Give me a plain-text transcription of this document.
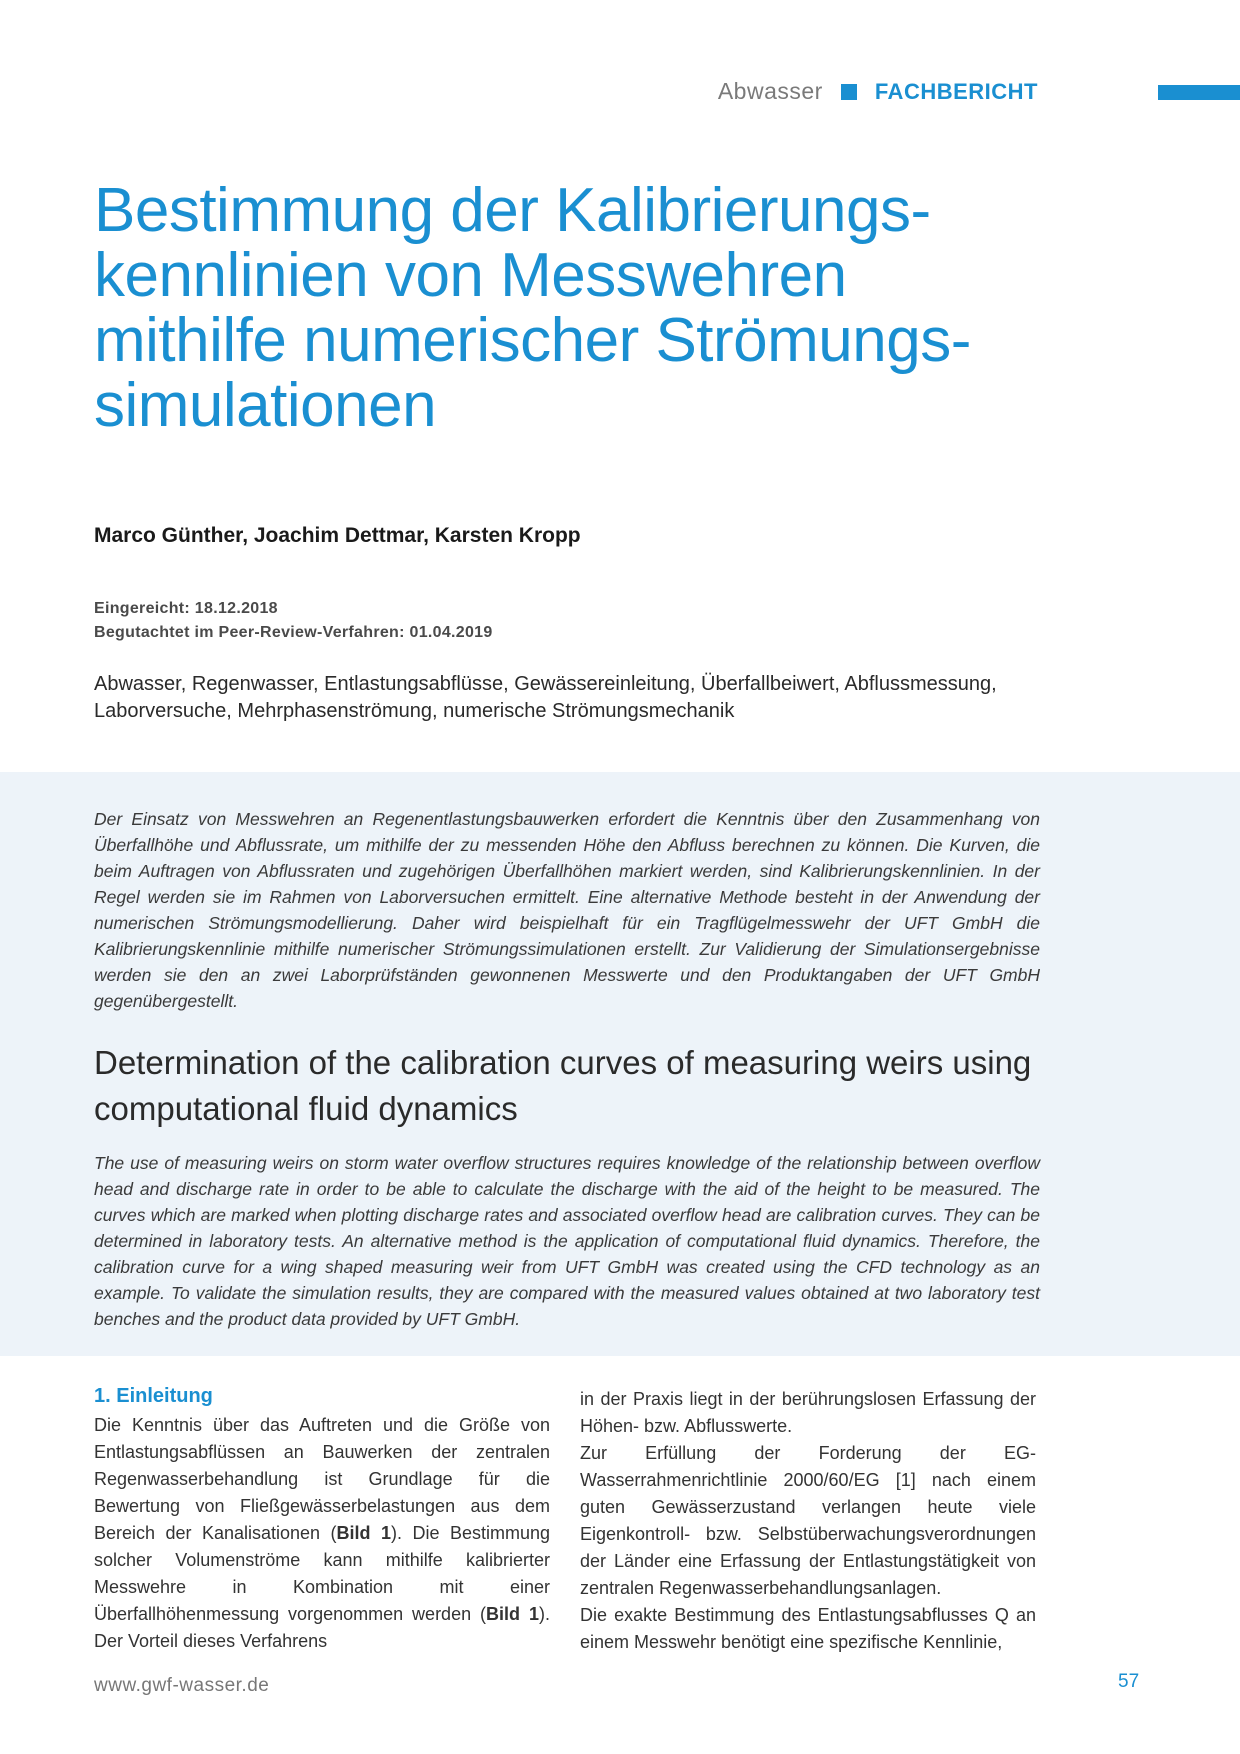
Abwasser FACHBERICHT
Bestimmung der Kalibrierungs-
kennlinien von Messwehren
mithilfe numerischer Strömungs-
simulationen
Marco Günther, Joachim Dettmar, Karsten Kropp
Eingereicht: 18.12.2018
Begutachtet im Peer-Review-Verfahren: 01.04.2019
Abwasser, Regenwasser, Entlastungsabflüsse, Gewässereinleitung, Überfallbeiwert, Abflussmessung,
Laborversuche, Mehrphasenströmung, numerische Strömungsmechanik

Der Einsatz von Messwehren an Regenentlastungsbauwerken erfordert die Kenntnis über den Zusammenhang von Überfallhöhe und Abflussrate, um mithilfe der zu messenden Höhe den Abfluss berechnen zu können. Die Kurven, die beim Auftragen von Abflussraten und zugehörigen Überfallhöhen markiert werden, sind Kalibrierungskennlinien. In der Regel werden sie im Rahmen von Laborversuchen ermittelt. Eine alternative Methode besteht in der Anwendung der numerischen Strömungsmodellierung. Daher wird beispielhaft für ein Tragflügelmesswehr der UFT GmbH die Kalibrierungskennlinie mithilfe numerischer Strömungssimulationen erstellt. Zur Validierung der Simulationsergebnisse werden sie den an zwei Laborprüfständen gewonnenen Messwerte und den Produktangaben der UFT GmbH gegenübergestellt.

Determination of the calibration curves of measuring weirs using
computational fluid dynamics

The use of measuring weirs on storm water overflow structures requires knowledge of the relationship between overflow head and discharge rate in order to be able to calculate the discharge with the aid of the height to be measured. The curves which are marked when plotting discharge rates and associated overflow head are calibration curves. They can be determined in laboratory tests. An alternative method is the application of computational fluid dynamics. Therefore, the calibration curve for a wing shaped measuring weir from UFT GmbH was created using the CFD technology as an example. To validate the simulation results, they are compared with the measured values obtained at two laboratory test benches and the product data provided by UFT GmbH.

1. Einleitung

Die Kenntnis über das Auftreten und die Größe von Entlastungsabflüssen an Bauwerken der zentralen Regenwasserbehandlung ist Grundlage für die Bewertung von Fließgewässerbelastungen aus dem Bereich der Kanalisationen (Bild 1). Die Bestimmung solcher Volumenströme kann mithilfe kalibrierter Messwehre in Kombination mit einer Überfallhöhenmessung vorgenommen werden (Bild 1). Der Vorteil dieses Verfahrens

in der Praxis liegt in der berührungslosen Erfassung der Höhen- bzw. Abflusswerte.

Zur Erfüllung der Forderung der EG-Wasserrahmenrichtlinie 2000/60/EG [1] nach einem guten Gewässerzustand verlangen heute viele Eigenkontroll- bzw. Selbstüberwachungsverordnungen der Länder eine Erfassung der Entlastungstätigkeit von zentralen Regenwasserbehandlungsanlagen.

Die exakte Bestimmung des Entlastungsabflusses Q an einem Messwehr benötigt eine spezifische Kennlinie,

www.gwf-wasser.de	57
